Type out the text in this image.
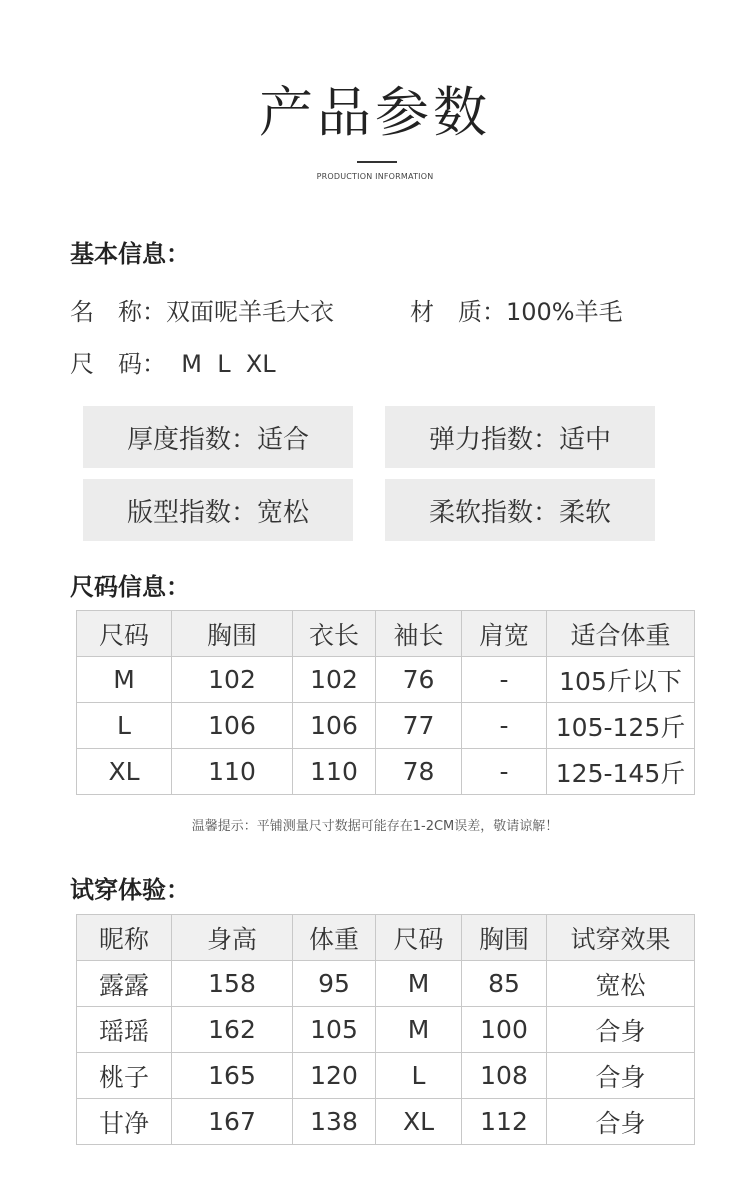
产品参数
PRODUCTION INFORMATION
基本信息：
名　称：双面呢羊毛大衣	材　质：100%羊毛
尺　码：  M  L  XL
厚度指数：适合	弹力指数：适中
版型指数：宽松	柔软指数：柔软
尺码信息：
尺码	胸围	衣长	袖长	肩宽	适合体重
M	102	102	76	-	105斤以下
L	106	106	77	-	105-125斤
XL	110	110	78	-	125-145斤
温馨提示：平铺测量尺寸数据可能存在1-2CM误差，敬请谅解！
试穿体验：
昵称	身高	体重	尺码	胸围	试穿效果
露露	158	95	M	85	宽松
瑶瑶	162	105	M	100	合身
桃子	165	120	L	108	合身
甘净	167	138	XL	112	合身
